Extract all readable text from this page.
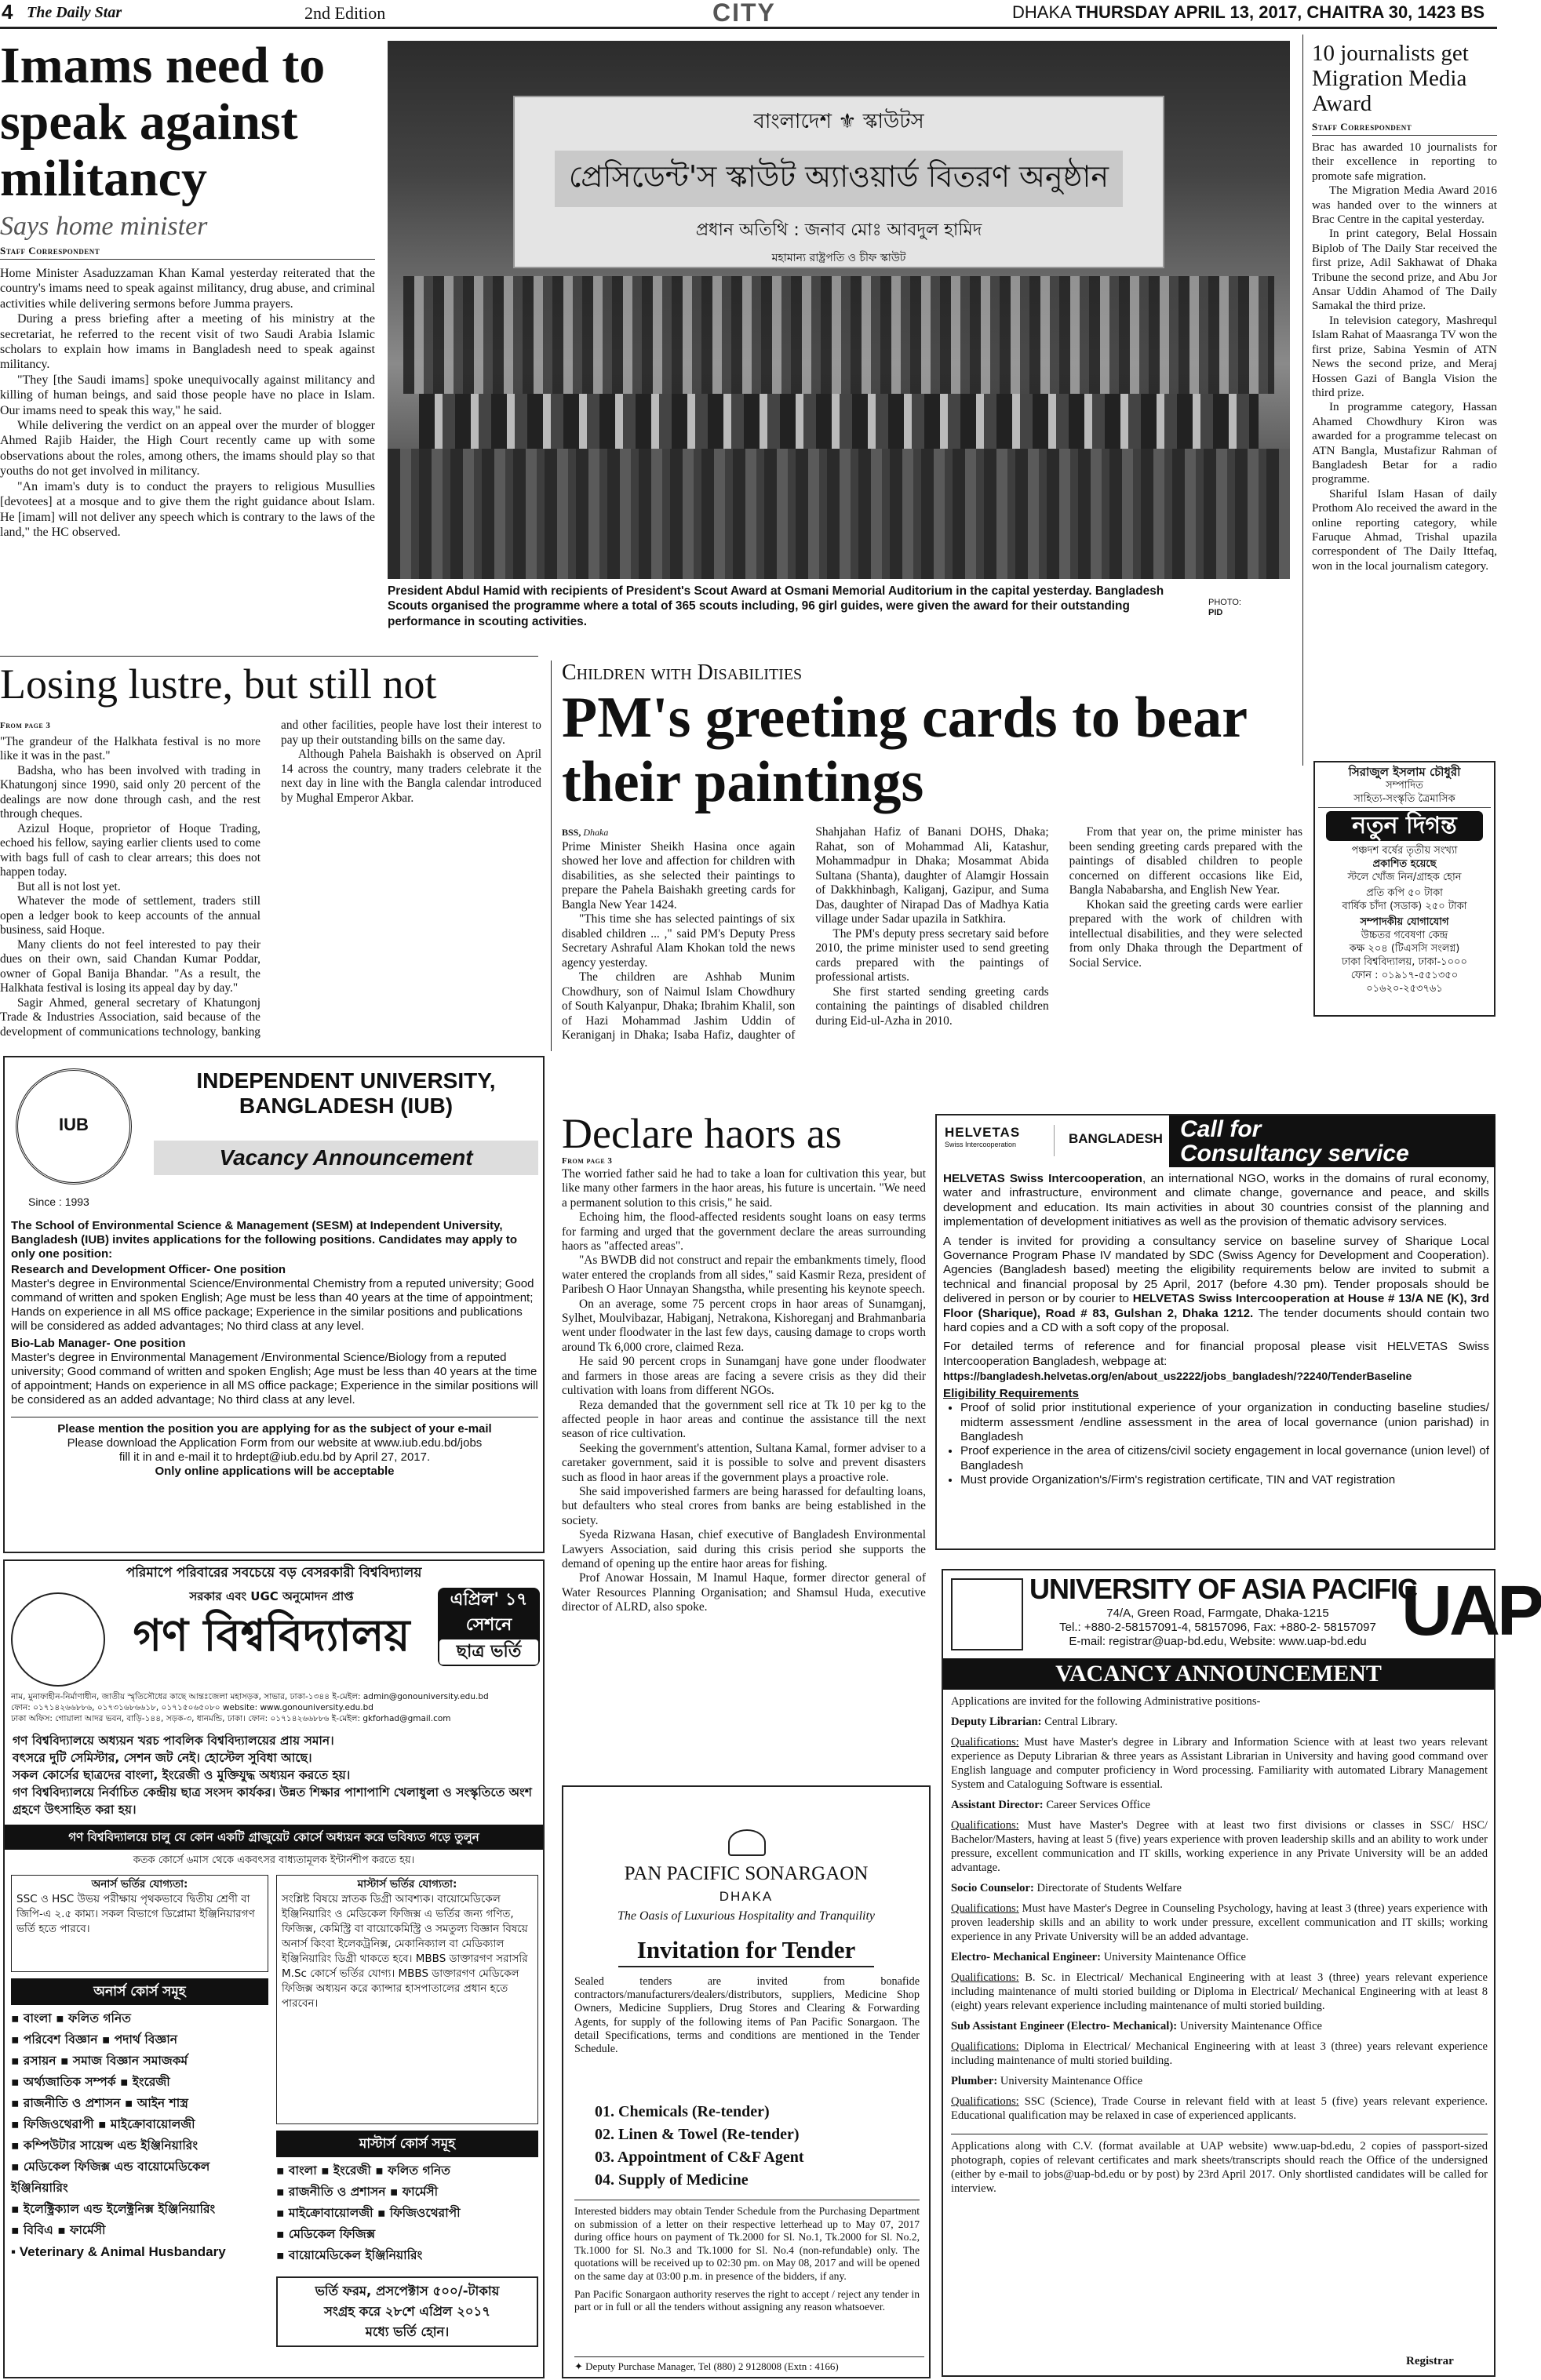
4 The Daily Star	2nd Edition	CITY	DHAKA THURSDAY APRIL 13, 2017, CHAITRA 30, 1423 BS
Imams need to speak against militancy
Says home minister
Staff Correspondent

Home Minister Asaduzzaman Khan Kamal yesterday reiterated that the country's imams need to speak against militancy, drug abuse, and criminal activities while delivering sermons before Jumma prayers.

During a press briefing after a meeting of his ministry at the secretariat, he referred to the recent visit of two Saudi Arabia Islamic scholars to explain how imams in Bangladesh need to speak against militancy.

"They [the Saudi imams] spoke unequivocally against militancy and killing of human beings, and said those people have no place in Islam. Our imams need to speak this way," he said.

While delivering the verdict on an appeal over the murder of blogger Ahmed Rajib Haider, the High Court recently came up with some observations about the roles, among others, the imams should play so that youths do not get involved in militancy.

"An imam's duty is to conduct the prayers to religious Musullies [devotees] at a mosque and to give them the right guidance about Islam. He [imam] will not deliver any speech which is contrary to the laws of the land," the HC observed.

বাংলাদেশ ⚜ স্কাউটস
প্রেসিডেন্ট'স স্কাউট অ্যাওয়ার্ড বিতরণ অনুষ্ঠান
প্রধান অতিথি : জনাব মোঃ আবদুল হামিদ
মহামান্য রাষ্ট্রপতি ও চীফ স্কাউট
President Abdul Hamid with recipients of President's Scout Award at Osmani Memorial Auditorium in the capital yesterday. Bangladesh Scouts organised the programme where a total of 365 scouts including, 96 girl guides, were given the award for their outstanding performance in scouting activities.
PHOTO:
PID
10 journalists get Migration Media Award
Staff Correspondent

Brac has awarded 10 journalists for their excellence in reporting to promote safe migration.

The Migration Media Award 2016 was handed over to the winners at Brac Centre in the capital yesterday.

In print category, Belal Hossain Biplob of The Daily Star received the first prize, Adil Sakhawat of Dhaka Tribune the second prize, and Abu Jor Ansar Uddin Ahamod of The Daily Samakal the third prize.

In television category, Mashrequl Islam Rahat of Maasranga TV won the first prize, Sabina Yesmin of ATN News the second prize, and Meraj Hossen Gazi of Bangla Vision the third prize.

In programme category, Hassan Ahamed Chowdhury Kiron was awarded for a programme telecast on ATN Bangla, Mustafizur Rahman of Bangladesh Betar for a radio programme.

Shariful Islam Hasan of daily Prothom Alo received the award in the online reporting category, while Faruque Ahmad, Trishal upazila correspondent of The Daily Ittefaq, won in the local journalism category.

সিরাজুল ইসলাম চৌধুরী
সম্পাদিত
সাহিত্য-সংস্কৃতি ত্রৈমাসিক
নতুন দিগন্ত
পঞ্চদশ বর্ষের তৃতীয় সংখ্যা
প্রকাশিত হয়েছে
স্টলে খোঁজ নিন/গ্রাহক হোন
প্রতি কপি ৫০ টাকা
বার্ষিক চাঁদা (সডাক) ২৫০ টাকা
সম্পাদকীয় যোগাযোগ
উচ্চতর গবেষণা কেন্দ্র
কক্ষ ২০৪ (টিএসসি সংলগ্ন)
ঢাকা বিশ্ববিদ্যালয়, ঢাকা-১০০০
ফোন : ০১৯১৭-৫৫১৩৫০
০১৬২০-২৫৩৭৬১
Losing lustre, but still not
From page 3

"The grandeur of the Halkhata festival is no more like it was in the past."

Badsha, who has been involved with trading in Khatungonj since 1990, said only 20 percent of the dealings are now done through cash, and the rest through cheques.

Azizul Hoque, proprietor of Hoque Trading, echoed his fellow, saying earlier clients used to come with bags full of cash to clear arrears; this does not happen today.

But all is not lost yet.

Whatever the mode of settlement, traders still open a ledger book to keep accounts of the annual business, said Hoque.

Many clients do not feel interested to pay their dues on their own, said Chandan Kumar Poddar, owner of Gopal Banija Bhandar. "As a result, the Halkhata festival is losing its appeal day by day."

Sagir Ahmed, general secretary of Khatungonj Trade & Industries Association, said because of the development of communications technology, banking and other facilities, people have lost their interest to pay up their outstanding bills on the same day.

Although Pahela Baishakh is observed on April 14 across the country, many traders celebrate it the next day in line with the Bangla calendar introduced by Mughal Emperor Akbar.

Children with Disabilities
PM's greeting cards to bear their paintings
BSS, Dhaka

Prime Minister Sheikh Hasina once again showed her love and affection for children with disabilities, as she selected their paintings to prepare the Pahela Baishakh greeting cards for Bangla New Year 1424.

"This time she has selected paintings of six disabled children ... ," said PM's Deputy Press Secretary Ashraful Alam Khokan told the news agency yesterday.

The children are Ashhab Munim Chowdhury, son of Naimul Islam Chowdhury of South Kalyanpur, Dhaka; Ibrahim Khalil, son of Hazi Mohammad Jashim Uddin of Keraniganj in Dhaka; Isaba Hafiz, daughter of Shahjahan Hafiz of Banani DOHS, Dhaka; Rahat, son of Mohammad Ali, Katashur, Mohammadpur in Dhaka; Mosammat Abida Sultana (Shanta), daughter of Alamgir Hossain of Dakkhinbagh, Kaliganj, Gazipur, and Suma Das, daughter of Nirapad Das of Madhya Katia village under Sadar upazila in Satkhira.

The PM's deputy press secretary said before 2010, the prime minister used to send greeting cards prepared with the paintings of professional artists.

She first started sending greeting cards containing the paintings of disabled children during Eid-ul-Azha in 2010.

From that year on, the prime minister has been sending greeting cards prepared with the paintings of disabled children to people concerned on different occasions like Eid, Bangla Nababarsha, and English New Year.

Khokan said the greeting cards were earlier prepared with the work of children with intellectual disabilities, and they were selected from only Dhaka through the Department of Social Service.

IUB
Since : 1993
INDEPENDENT UNIVERSITY,
BANGLADESH (IUB)
Vacancy Announcement
The School of Environmental Science & Management (SESM) at Independent University, Bangladesh (IUB) invites applications for the following positions. Candidates may apply to only one position:
Research and Development Officer- One position
Master's degree in Environmental Science/Environmental Chemistry from a reputed university; Good command of written and spoken English; Age must be less than 40 years at the time of appointment; Hands on experience in all MS office package; Experience in the similar positions and publications will be considered as added advantages; No third class at any level.
Bio-Lab Manager- One position
Master's degree in Environmental Management /Environmental Science/Biology from a reputed university; Good command of written and spoken English; Age must be less than 40 years at the time of appointment; Hands on experience in all MS office package; Experience in the similar positions will be considered as an added advantage; No third class at any level.
Please mention the position you are applying for as the subject of your e-mail
Please download the Application Form from our website at www.iub.edu.bd/jobs
fill it in and e-mail it to hrdept@iub.edu.bd by April 27, 2017.
Only online applications will be acceptable
Declare haors as
From page 3

The worried father said he had to take a loan for cultivation this year, but like many other farmers in the haor areas, his future is uncertain. "We need a permanent solution to this crisis," he said.

Echoing him, the flood-affected residents sought loans on easy terms for farming and urged that the government declare the areas surrounding haors as "affected areas".

"As BWDB did not construct and repair the embankments timely, flood water entered the croplands from all sides," said Kasmir Reza, president of Paribesh O Haor Unnayan Shangstha, while presenting his keynote speech.

On an average, some 75 percent crops in haor areas of Sunamganj, Sylhet, Moulvibazar, Habiganj, Netrakona, Kishoreganj and Brahmanbaria went under floodwater in the last few days, causing damage to crops worth around Tk 6,000 crore, claimed Reza.

He said 90 percent crops in Sunamganj have gone under floodwater and farmers in those areas are facing a severe crisis as they did their cultivation with loans from different NGOs.

Reza demanded that the government sell rice at Tk 10 per kg to the affected people in haor areas and continue the assistance till the next season of rice cultivation.

Seeking the government's attention, Sultana Kamal, former adviser to a caretaker government, said it is possible to solve and prevent disasters such as flood in haor areas if the government plays a proactive role.

She said impoverished farmers are being harassed for defaulting loans, but defaulters who steal crores from banks are being established in the society.

Syeda Rizwana Hasan, chief executive of Bangladesh Environmental Lawyers Association, said during this crisis period she supports the demand of opening up the entire haor areas for fishing.

Prof Anowar Hossain, M Inamul Haque, former director general of Water Resources Planning Organisation; and Shamsul Huda, executive director of ALRD, also spoke.

HELVETAS
Swiss Intercooperation	BANGLADESH Call for
Consultancy service
HELVETAS Swiss Intercooperation, an international NGO, works in the domains of rural economy, water and infrastructure, environment and climate change, governance and peace, and skills development and education. Its main activities in about 30 countries consist of the planning and implementation of development initiatives as well as the provision of thematic advisory services.
A tender is invited for providing a consultancy service on baseline survey of Sharique Local Governance Program Phase IV mandated by SDC (Swiss Agency for Development and Cooperation). Agencies (Bangladesh based) meeting the eligibility requirements below are invited to submit a technical and financial proposal by 25 April, 2017 (before 4.30 pm). Tender proposals should be delivered in person or by courier to HELVETAS Swiss Intercooperation at House # 13/A NE (K), 3rd Floor (Sharique), Road # 83, Gulshan 2, Dhaka 1212. The tender documents should contain two hard copies and a CD with a soft copy of the proposal.
For detailed terms of reference and for financial proposal please visit HELVETAS Swiss Intercooperation Bangladesh, webpage at:
https://bangladesh.helvetas.org/en/about_us2222/jobs_bangladesh/?2240/TenderBaseline
Eligibility Requirements
• Proof of solid prior institutional experience of your organization in conducting baseline studies/ midterm assessment /endline assessment in the area of local governance (union parishad) in Bangladesh
• Proof experience in the area of citizens/civil society engagement in local governance (union level) of Bangladesh
• Must provide Organization's/Firm's registration certificate, TIN and VAT registration
পরিমাপে পরিবারের সবচেয়ে বড় বেসরকারী বিশ্ববিদ্যালয়
সরকার এবং UGC অনুমোদন প্রাপ্ত
গণ বিশ্ববিদ্যালয়
এপ্রিল' ১৭
সেশনে
ছাত্র ভর্তি
নাম, মুনাফাহীন-নির্মাণাধীন, জাতীয় স্মৃতিসৌধের কাছে আন্তঃজেলা মহাসড়ক, সাভার, ঢাকা-১৩৪৪ ই-মেইল: admin@gonouniversity.edu.bd
ফোন: ০১৭১৪২৬৬৮৮৬, ০১৭৩১৬৮৬৬১৮, ০১৭১৫০৬৫০৮০ website: www.gonouniversity.edu.bd
ঢাকা অফিস: গোয়ালা আদর ভবন, বাড়ি-১৪৪, সড়ক-৩, ধানমন্ডি, ঢাকা। ফোন: ০১৭১৪২৬৬৮৮৬ ই-মেইল: gkforhad@gmail.com
গণ বিশ্ববিদ্যালয়ে অধ্যয়ন খরচ পাবলিক বিশ্ববিদ্যালয়ের প্রায় সমান।
বৎসরে দুটি সেমিস্টার, সেশন জট নেই। হোস্টেল সুবিধা আছে।
সকল কোর্সের ছাত্রদের বাংলা, ইংরেজী ও মুক্তিযুদ্ধ অধ্যয়ন করতে হয়।
গণ বিশ্ববিদ্যালয়ে নির্বাচিত কেন্দ্রীয় ছাত্র সংসদ কার্যকর। উন্নত শিক্ষার পাশাপাশি খেলাধুলা ও সংস্কৃতিতে অংশ গ্রহণে উৎসাহিত করা হয়।
গণ বিশ্ববিদ্যালয়ে চালু যে কোন একটি গ্রাজুয়েট কোর্সে অধ্যয়ন করে ভবিষ্যত গড়ে তুলুন
কতক কোর্সে ৬মাস থেকে একবৎসর বাধ্যতামূলক ইন্টার্নশীপ করতে হয়।
অনার্স ভর্তির যোগ্যতা:
SSC ও HSC উভয় পরীক্ষায় পৃথকভাবে দ্বিতীয় শ্রেণী বা জিপি-এ ২.৫ কাম্য। সকল বিভাগে ডিপ্লোমা ইঞ্জিনিয়ারগণ ভর্তি হতে পারবে।
অনার্স কোর্স সমূহ
▪ বাংলা ▪ ফলিত গনিত
▪ পরিবেশ বিজ্ঞান ▪ পদার্থ বিজ্ঞান
▪ রসায়ন ▪ সমাজ বিজ্ঞান সমাজকর্ম
▪ অর্থ্যজাতিক সম্পর্ক ▪ ইংরেজী
▪ রাজনীতি ও প্রশাসন ▪ আইন শাস্ত্র
▪ ফিজিওথেরাপী ▪ মাইক্রোবায়োলজী
▪ কম্পিউটার সায়েন্স এন্ড ইঞ্জিনিয়ারিং
▪ মেডিকেল ফিজিক্স এন্ড বায়োমেডিকেল ইঞ্জিনিয়ারিং
▪ ইলেক্ট্রিক্যাল এন্ড ইলেক্ট্রনিক্স ইঞ্জিনিয়ারিং
▪ বিবিএ ▪ ফার্মেসী
▪ Veterinary & Animal Husbandary
মাস্টার্স ভর্তির যোগ্যতা:
সংশ্লিষ্ট বিষয়ে স্নাতক ডিগ্রী আবশ্যক। বায়োমেডিকেল ইঞ্জিনিয়ারিং ও মেডিকেল ফিজিক্স এ ভর্তির জন্য গণিত, ফিজিক্স, কেমিস্ট্রি বা বায়োকেমিস্ট্রি ও সমতুল্য বিজ্ঞান বিষয়ে অনার্স কিংবা ইলেকট্রনিক্স, মেকানিক্যাল বা মেডিক্যাল ইঞ্জিনিয়ারিং ডিগ্রী থাকতে হবে। MBBS ডাক্তারগণ সরাসরি M.Sc কোর্সে ভর্তির যোগ্য। MBBS ডাক্তারগণ মেডিকেল ফিজিক্স অধ্যয়ন করে ক্যান্সার হাসপাতালের প্রধান হতে পারবেন।
মাস্টার্স কোর্স সমূহ
▪ বাংলা ▪ ইংরেজী ▪ ফলিত গনিত
▪ রাজনীতি ও প্রশাসন ▪ ফার্মেসী
▪ মাইক্রোবায়োলজী ▪ ফিজিওথেরাপী
▪ মেডিকেল ফিজিক্স
▪ বায়োমেডিকেল ইঞ্জিনিয়ারিং
ভর্তি ফরম, প্রসপেক্টাস ৫০০/-টাকায়
সংগ্রহ করে ২৮শে এপ্রিল ২০১৭
মধ্যে ভর্তি হোন।
PAN PACIFIC SONARGAON
DHAKA
The Oasis of Luxurious Hospitality and Tranquility
Invitation for Tender
Sealed tenders are invited from bonafide contractors/manufacturers/dealers/distributors, suppliers, Medicine Shop Owners, Medicine Suppliers, Drug Stores and Clearing & Forwarding Agents, for supply of the following items of Pan Pacific Sonargaon. The detail Specifications, terms and conditions are mentioned in the Tender Schedule.
01. Chemicals (Re-tender)
02. Linen & Towel (Re-tender)
03. Appointment of C&F Agent
04. Supply of Medicine
Interested bidders may obtain Tender Schedule from the Purchasing Department on submission of a letter on their respective letterhead up to May 07, 2017 during office hours on payment of Tk.2000 for Sl. No.1, Tk.2000 for Sl. No.2, Tk.1000 for Sl. No.3 and Tk.1000 for Sl. No.4 (non-refundable) only. The quotations will be received up to 02:30 pm. on May 08, 2017 and will be opened on the same day at 03:00 p.m. in presence of the bidders, if any.
Pan Pacific Sonargaon authority reserves the right to accept / reject any tender in part or in full or all the tenders without assigning any reason whatsoever.
✦ Deputy Purchase Manager, Tel (880) 2 9128008 (Extn : 4166)
UNIVERSITY OF ASIA PACIFIC
UAP
74/A, Green Road, Farmgate, Dhaka-1215
Tel.: +880-2-58157091-4, 58157096, Fax: +880-2- 58157097
E-mail: registrar@uap-bd.edu, Website: www.uap-bd.edu
VACANCY ANNOUNCEMENT
Applications are invited for the following Administrative positions-
Deputy Librarian: Central Library.
Qualifications: Must have Master's degree in Library and Information Science with at least two years relevant experience as Deputy Librarian & three years as Assistant Librarian in University and having good command over English language and computer proficiency in Word processing. Familiarity with automated Library Management System and Cataloguing Software is essential.
Assistant Director: Career Services Office
Qualifications: Must have Master's Degree with at least two first divisions or classes in SSC/ HSC/ Bachelor/Masters, having at least 5 (five) years experience with proven leadership skills and an ability to work under pressure, excellent communication and IT skills, working experience in any Private University will be an added advantage.
Socio Counselor: Directorate of Students Welfare
Qualifications: Must have Master's Degree in Counseling Psychology, having at least 3 (three) years experience with proven leadership skills and an ability to work under pressure, excellent communication and IT skills; working experience in any Private University will be an added advantage.
Electro- Mechanical Engineer: University Maintenance Office
Qualifications: B. Sc. in Electrical/ Mechanical Engineering with at least 3 (three) years relevant experience including maintenance of multi storied building or Diploma in Electrical/ Mechanical Engineering with at least 8 (eight) years relevant experience including maintenance of multi storied building.
Sub Assistant Engineer (Electro- Mechanical): University Maintenance Office
Qualifications: Diploma in Electrical/ Mechanical Engineering with at least 3 (three) years relevant experience including maintenance of multi storied building.
Plumber: University Maintenance Office
Qualifications: SSC (Science), Trade Course in relevant field with at least 5 (five) years relevant experience. Educational qualification may be relaxed in case of experienced applicants.
Applications along with C.V. (format available at UAP website) www.uap-bd.edu, 2 copies of passport-sized photograph, copies of relevant certificates and mark sheets/transcripts should reach the Office of the undersigned (either by e-mail to jobs@uap-bd.edu or by post) by 23rd April 2017. Only shortlisted candidates will be called for interview.
Registrar
